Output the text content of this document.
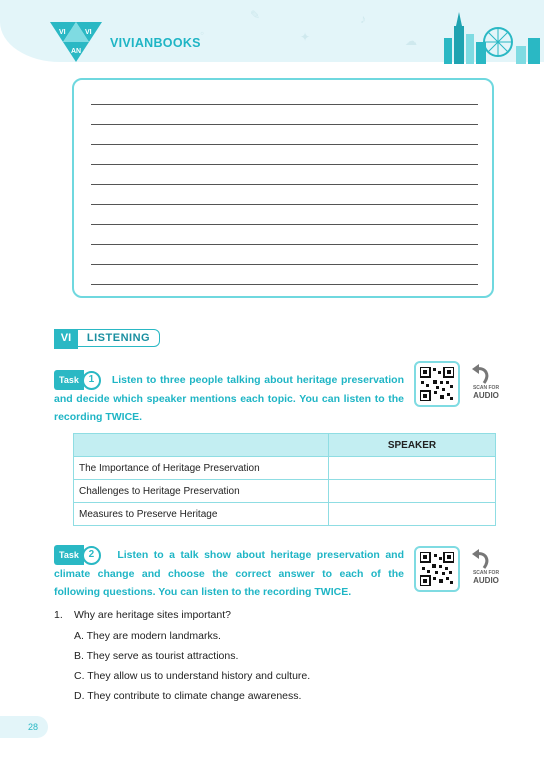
✎
✦
♪
◦
☁
VI	VI
AN
VIVIANBOOKS
VI	LISTENING
Task 1 Listen to three people talking about heritage preservation and decide which speaker mentions each topic. You can listen to the recording TWICE.
SCAN FOR
AUDIO
	SPEAKER
The Importance of Heritage Preservation	
Challenges to Heritage Preservation	
Measures to Preserve Heritage	
Task 2 Listen to a talk show about heritage preservation and climate change and choose the correct answer to each of the following questions. You can listen to the recording TWICE.
SCAN FOR
AUDIO
1. Why are heritage sites important?
A. They are modern landmarks.
B. They serve as tourist attractions.
C. They allow us to understand history and culture.
D. They contribute to climate change awareness.
28
